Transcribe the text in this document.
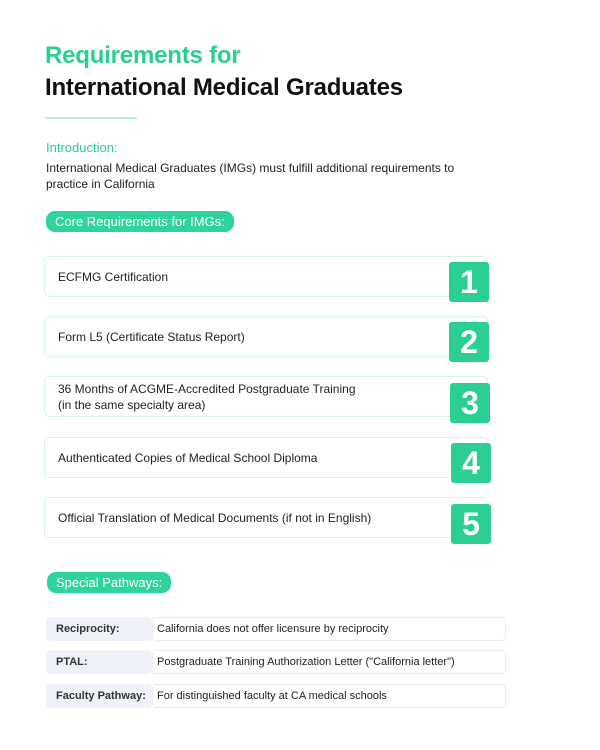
Requirements for
International Medical Graduates
Introduction:
International Medical Graduates (IMGs) must fulfill additional requirements to practice in California
Core Requirements for IMGs:
ECFMG Certification	1
Form L5 (Certificate Status Report)	2
36 Months of ACGME-Accredited Postgraduate Training
(in the same specialty area)	3
Authenticated Copies of Medical School Diploma	4
Official Translation of Medical Documents (if not in English)	5
Special Pathways:
Reciprocity:	California does not offer licensure by reciprocity
PTAL:	Postgraduate Training Authorization Letter ("California letter")
Faculty Pathway:	For distinguished faculty at CA medical schools
